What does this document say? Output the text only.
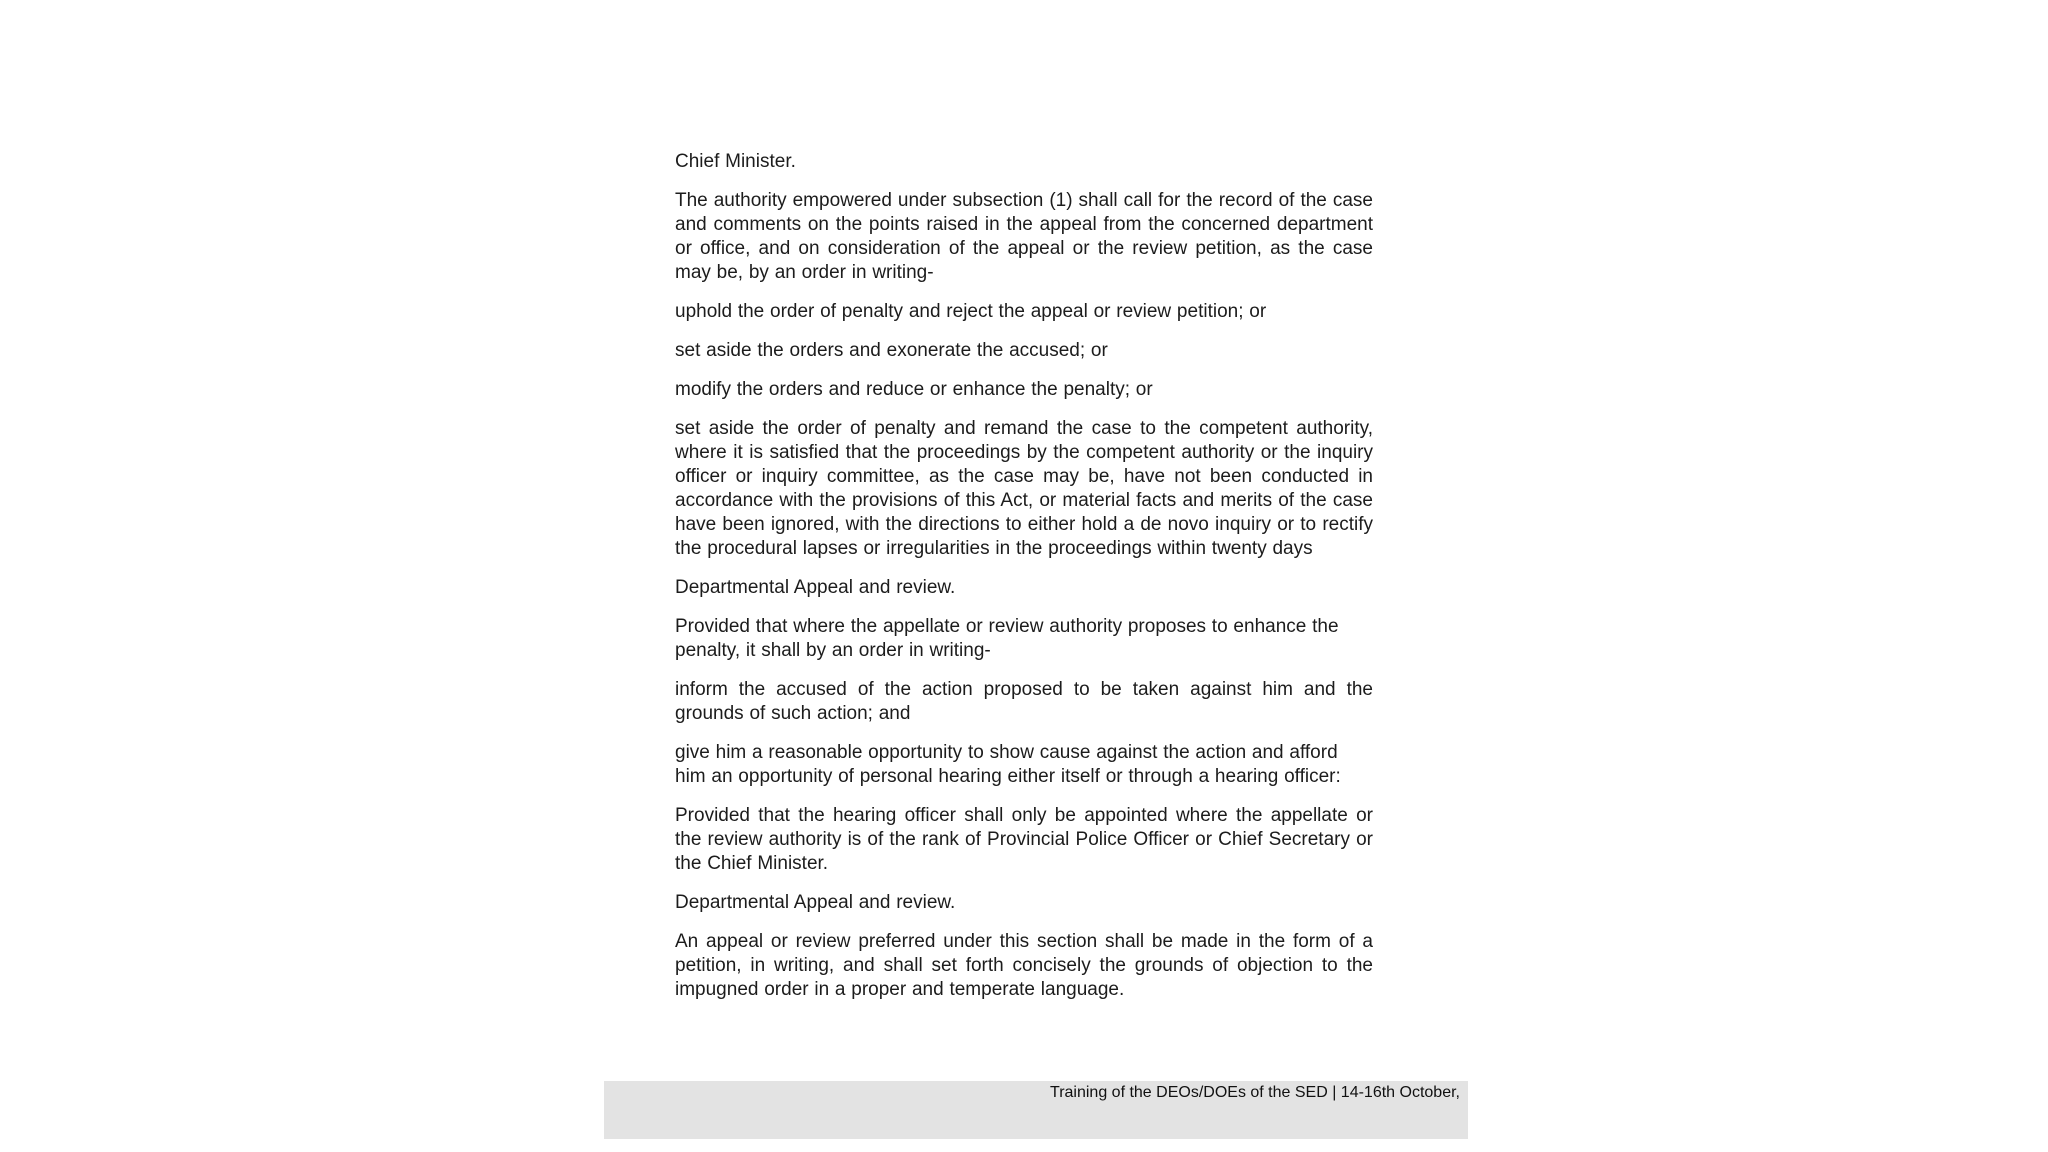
Chief Minister.

The authority empowered under subsection (1) shall call for the record of the case and comments on the points raised in the appeal from the concerned department or office, and on consideration of the appeal or the review petition, as the case may be, by an order in writing-

uphold the order of penalty and reject the appeal or review petition; or

set aside the orders and exonerate the accused; or

modify the orders and reduce or enhance the penalty; or

set aside the order of penalty and remand the case to the competent authority, where it is satisfied that the proceedings by the competent authority or the inquiry officer or inquiry committee, as the case may be, have not been conducted in accordance with the provisions of this Act, or material facts and merits of the case have been ignored, with the directions to either hold a de novo inquiry or to rectify the procedural lapses or irregularities in the proceedings within twenty days

Departmental Appeal and review.

Provided that where the appellate or review authority proposes to enhance the penalty, it shall by an order in writing-

inform the accused of the action proposed to be taken against him and the grounds of such action; and

give him a reasonable opportunity to show cause against the action and afford him an opportunity of personal hearing either itself or through a hearing officer:

Provided that the hearing officer shall only be appointed where the appellate or the review authority is of the rank of Provincial Police Officer or Chief Secretary or the Chief Minister.

Departmental Appeal and review.

An appeal or review preferred under this section shall be made in the form of a petition, in writing, and shall set forth concisely the grounds of objection to the impugned order in a proper and temperate language.

Training of the DEOs/DOEs of the SED | 14-16th October,
